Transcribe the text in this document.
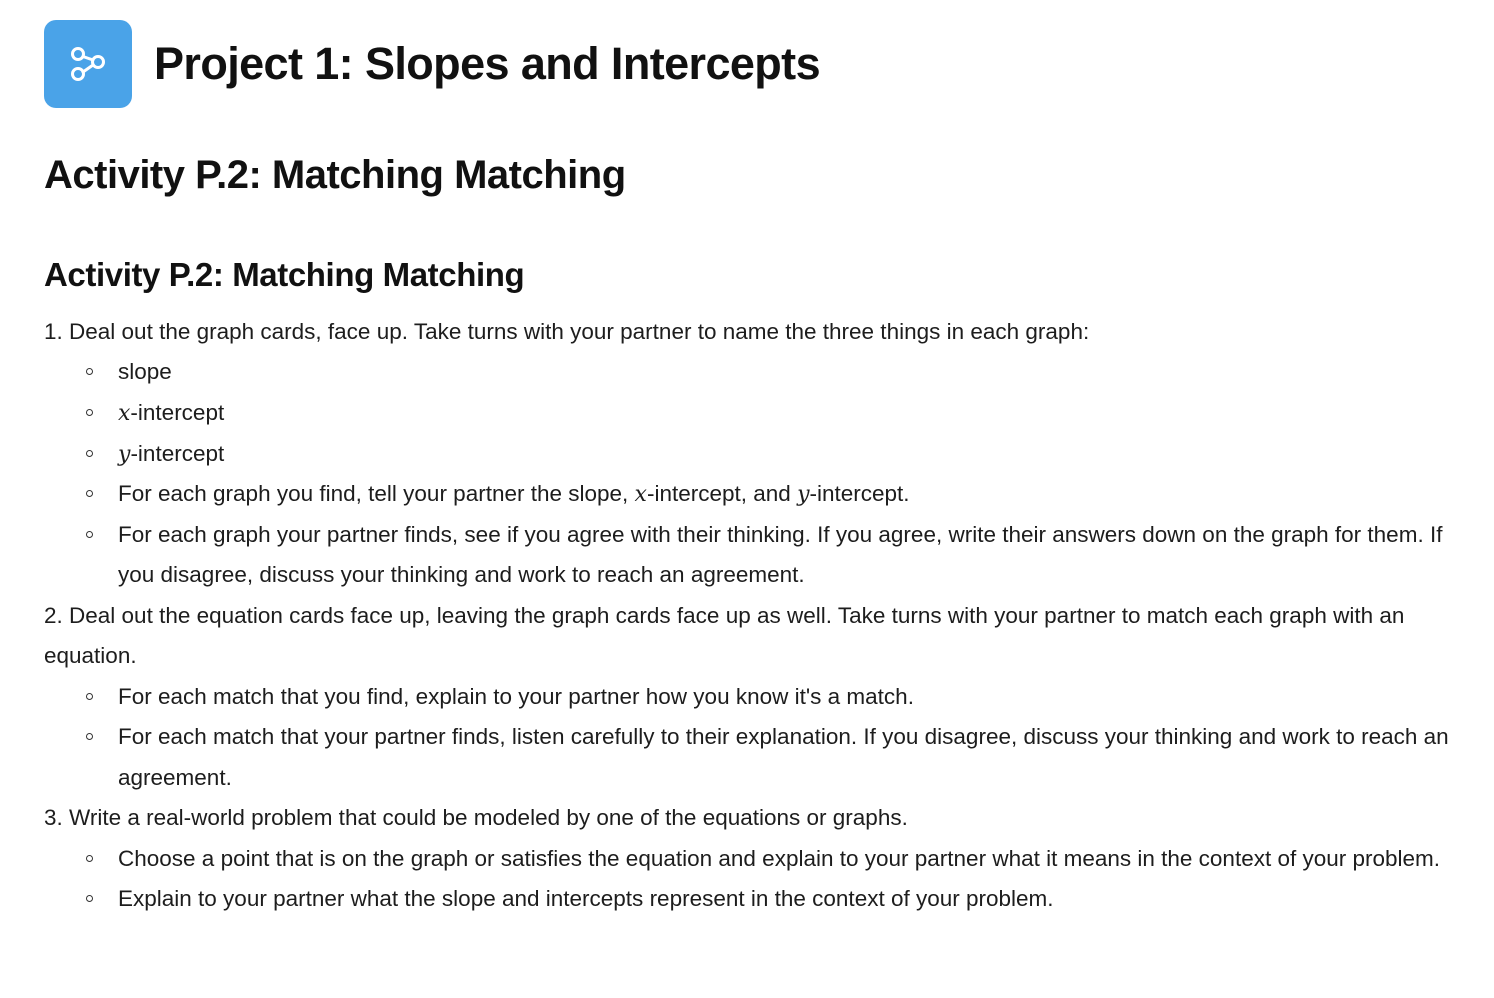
Project 1: Slopes and Intercepts
Activity P.2: Matching Matching
Activity P.2: Matching Matching
1. Deal out the graph cards, face up. Take turns with your partner to name the three things in each graph:
slope
x-intercept
y-intercept
For each graph you find, tell your partner the slope, x-intercept, and y-intercept.
For each graph your partner finds, see if you agree with their thinking. If you agree, write their answers down on the graph for them. If you disagree, discuss your thinking and work to reach an agreement.
2. Deal out the equation cards face up, leaving the graph cards face up as well. Take turns with your partner to match each graph with an equation.
For each match that you find, explain to your partner how you know it's a match.
For each match that your partner finds, listen carefully to their explanation. If you disagree, discuss your thinking and work to reach an agreement.
3. Write a real-world problem that could be modeled by one of the equations or graphs.
Choose a point that is on the graph or satisfies the equation and explain to your partner what it means in the context of your problem.
Explain to your partner what the slope and intercepts represent in the context of your problem.
